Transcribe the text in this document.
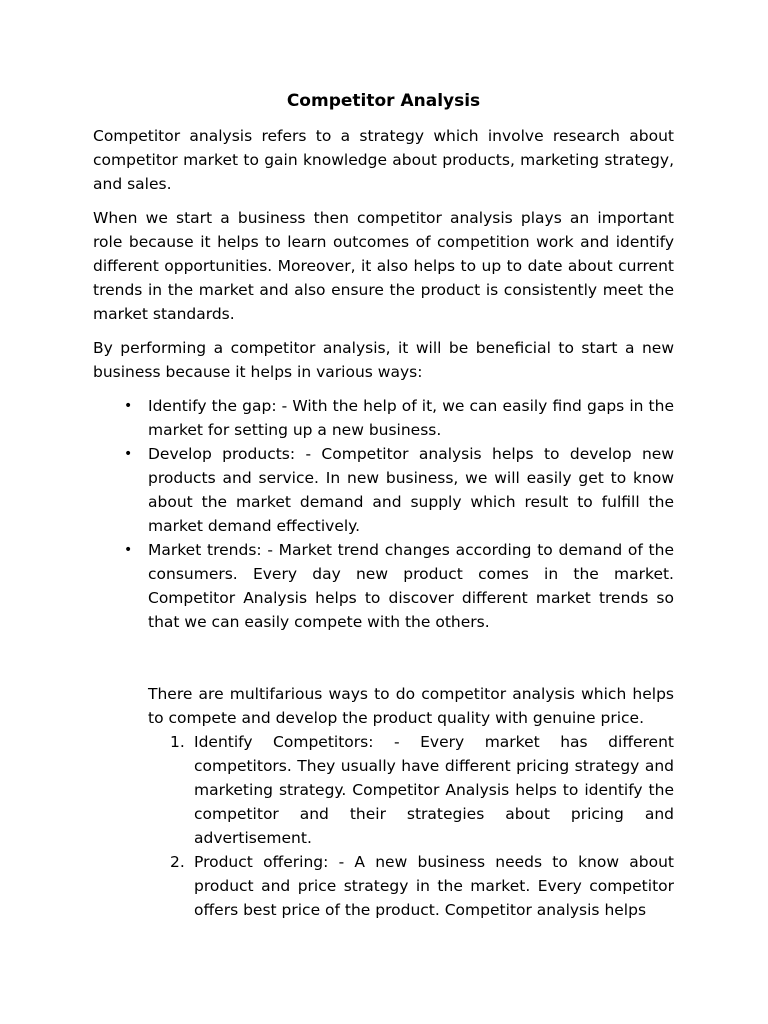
Competitor Analysis

Competitor analysis refers to a strategy which involve research about competitor market to gain knowledge about products, marketing strategy, and sales.

When we start a business then competitor analysis plays an important role because it helps to learn outcomes of competition work and identify different opportunities. Moreover, it also helps to up to date about current trends in the market and also ensure the product is consistently meet the market standards.

By performing a competitor analysis, it will be beneficial to start a new business because it helps in various ways:

• Identify the gap: - With the help of it, we can easily find gaps in the market for setting up a new business.
• Develop products: - Competitor analysis helps to develop new products and service. In new business, we will easily get to know about the market demand and supply which result to fulfill the market demand effectively.
• Market trends: - Market trend changes according to demand of the consumers. Every day new product comes in the market. Competitor Analysis helps to discover different market trends so that we can easily compete with the others.

There are multifarious ways to do competitor analysis which helps to compete and develop the product quality with genuine price.

1. Identify Competitors: - Every market has different competitors. They usually have different pricing strategy and marketing strategy. Competitor Analysis helps to identify the competitor and their strategies about pricing and advertisement.
2. Product offering: - A new business needs to know about product and price strategy in the market. Every competitor offers best price of the product. Competitor analysis helps
